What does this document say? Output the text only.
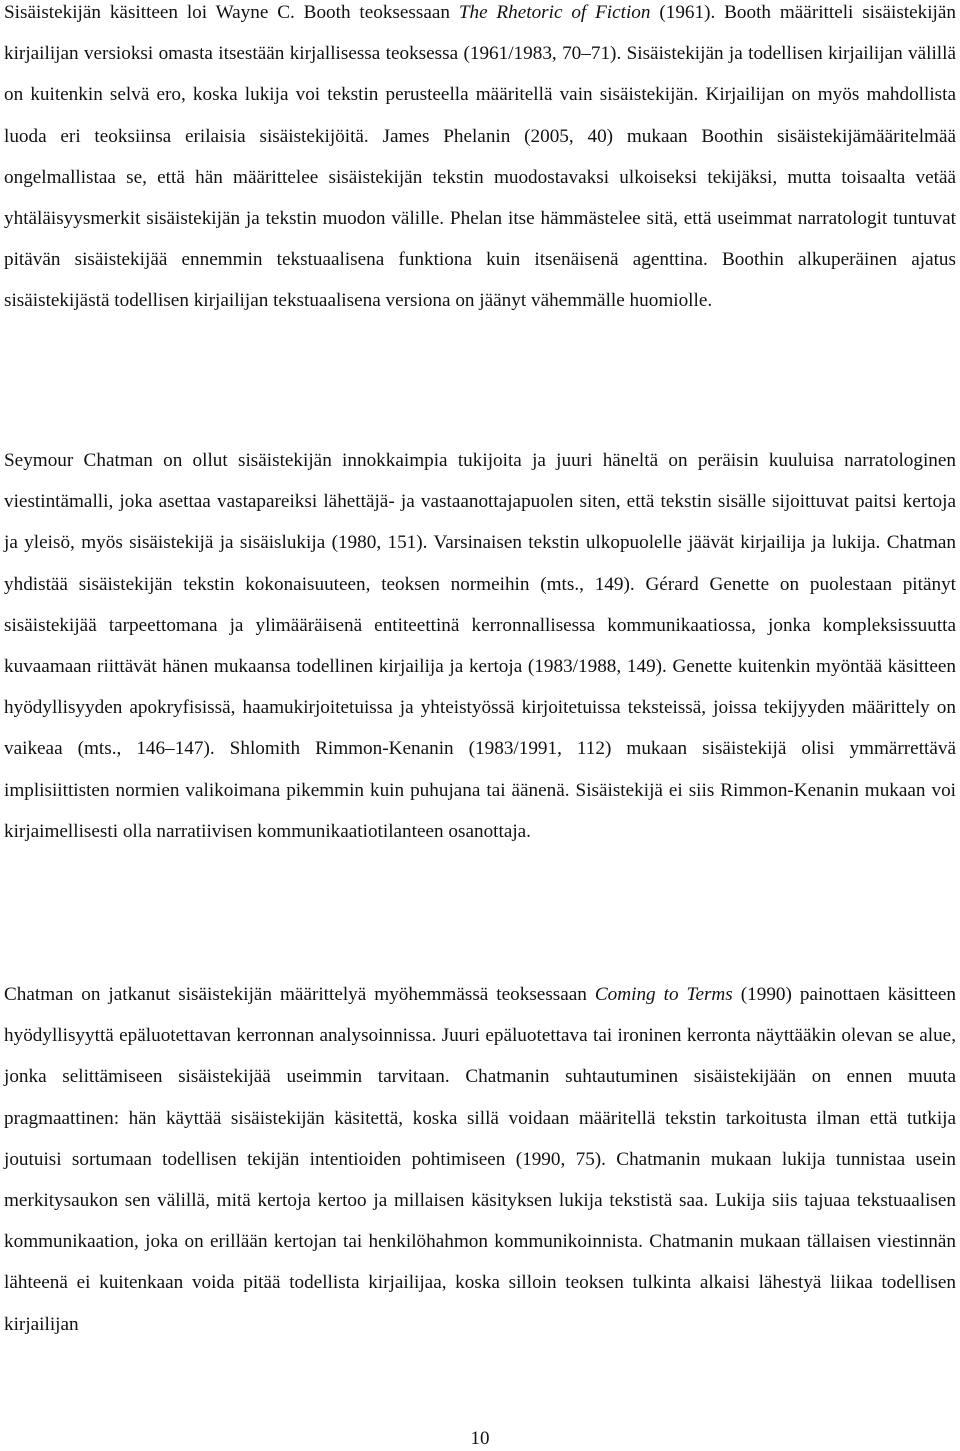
Sisäistekijän käsitteen loi Wayne C. Booth teoksessaan The Rhetoric of Fiction (1961). Booth määritteli sisäistekijän kirjailijan versioksi omasta itsestään kirjallisessa teoksessa (1961/1983, 70–71). Sisäistekijän ja todellisen kirjailijan välillä on kuitenkin selvä ero, koska lukija voi tekstin perusteella määritellä vain sisäistekijän. Kirjailijan on myös mahdollista luoda eri teoksiinsa erilaisia sisäistekijöitä. James Phelanin (2005, 40) mukaan Boothin sisäistekijämääritelmää ongelmallistaa se, että hän määrittelee sisäistekijän tekstin muodostavaksi ulkoiseksi tekijäksi, mutta toisaalta vetää yhtäläisyysmerkit sisäistekijän ja tekstin muodon välille. Phelan itse hämmästelee sitä, että useimmat narratologit tuntuvat pitävän sisäistekijää ennemmin tekstuaalisena funktiona kuin itsenäisenä agenttina. Boothin alkuperäinen ajatus sisäistekijästä todellisen kirjailijan tekstuaalisena versiona on jäänyt vähemmälle huomiolle.

Seymour Chatman on ollut sisäistekijän innokkaimpia tukijoita ja juuri häneltä on peräisin kuuluisa narratologinen viestintämalli, joka asettaa vastapareiksi lähettäjä- ja vastaanottajapuolen siten, että tekstin sisälle sijoittuvat paitsi kertoja ja yleisö, myös sisäistekijä ja sisäislukija (1980, 151). Varsinaisen tekstin ulkopuolelle jäävät kirjailija ja lukija. Chatman yhdistää sisäistekijän tekstin kokonaisuuteen, teoksen normeihin (mts., 149). Gérard Genette on puolestaan pitänyt sisäistekijää tarpeettomana ja ylimääräisenä entiteettinä kerronnallisessa kommunikaatiossa, jonka kompleksissuutta kuvaamaan riittävät hänen mukaansa todellinen kirjailija ja kertoja (1983/1988, 149). Genette kuitenkin myöntää käsitteen hyödyllisyyden apokryfisissä, haamukirjoitetuissa ja yhteistyössä kirjoitetuissa teksteissä, joissa tekijyyden määrittely on vaikeaa (mts., 146–147). Shlomith Rimmon-Kenanin (1983/1991, 112) mukaan sisäistekijä olisi ymmärrettävä implisiittisten normien valikoimana pikemmin kuin puhujana tai äänenä. Sisäistekijä ei siis Rimmon-Kenanin mukaan voi kirjaimellisesti olla narratiivisen kommunikaatiotilanteen osanottaja.

Chatman on jatkanut sisäistekijän määrittelyä myöhemmässä teoksessaan Coming to Terms (1990) painottaen käsitteen hyödyllisyyttä epäluotettavan kerronnan analysoinnissa. Juuri epäluotettava tai ironinen kerronta näyttääkin olevan se alue, jonka selittämiseen sisäistekijää useimmin tarvitaan. Chatmanin suhtautuminen sisäistekijään on ennen muuta pragmaattinen: hän käyttää sisäistekijän käsitettä, koska sillä voidaan määritellä tekstin tarkoitusta ilman että tutkija joutuisi sortumaan todellisen tekijän intentioiden pohtimiseen (1990, 75). Chatmanin mukaan lukija tunnistaa usein merkitysaukon sen välillä, mitä kertoja kertoo ja millaisen käsityksen lukija tekstistä saa. Lukija siis tajuaa tekstuaalisen kommunikaation, joka on erillään kertojan tai henkilöhahmon kommunikoinnista. Chatmanin mukaan tällaisen viestinnän lähteenä ei kuitenkaan voida pitää todellista kirjailijaa, koska silloin teoksen tulkinta alkaisi lähestyä liikaa todellisen kirjailijan

10
